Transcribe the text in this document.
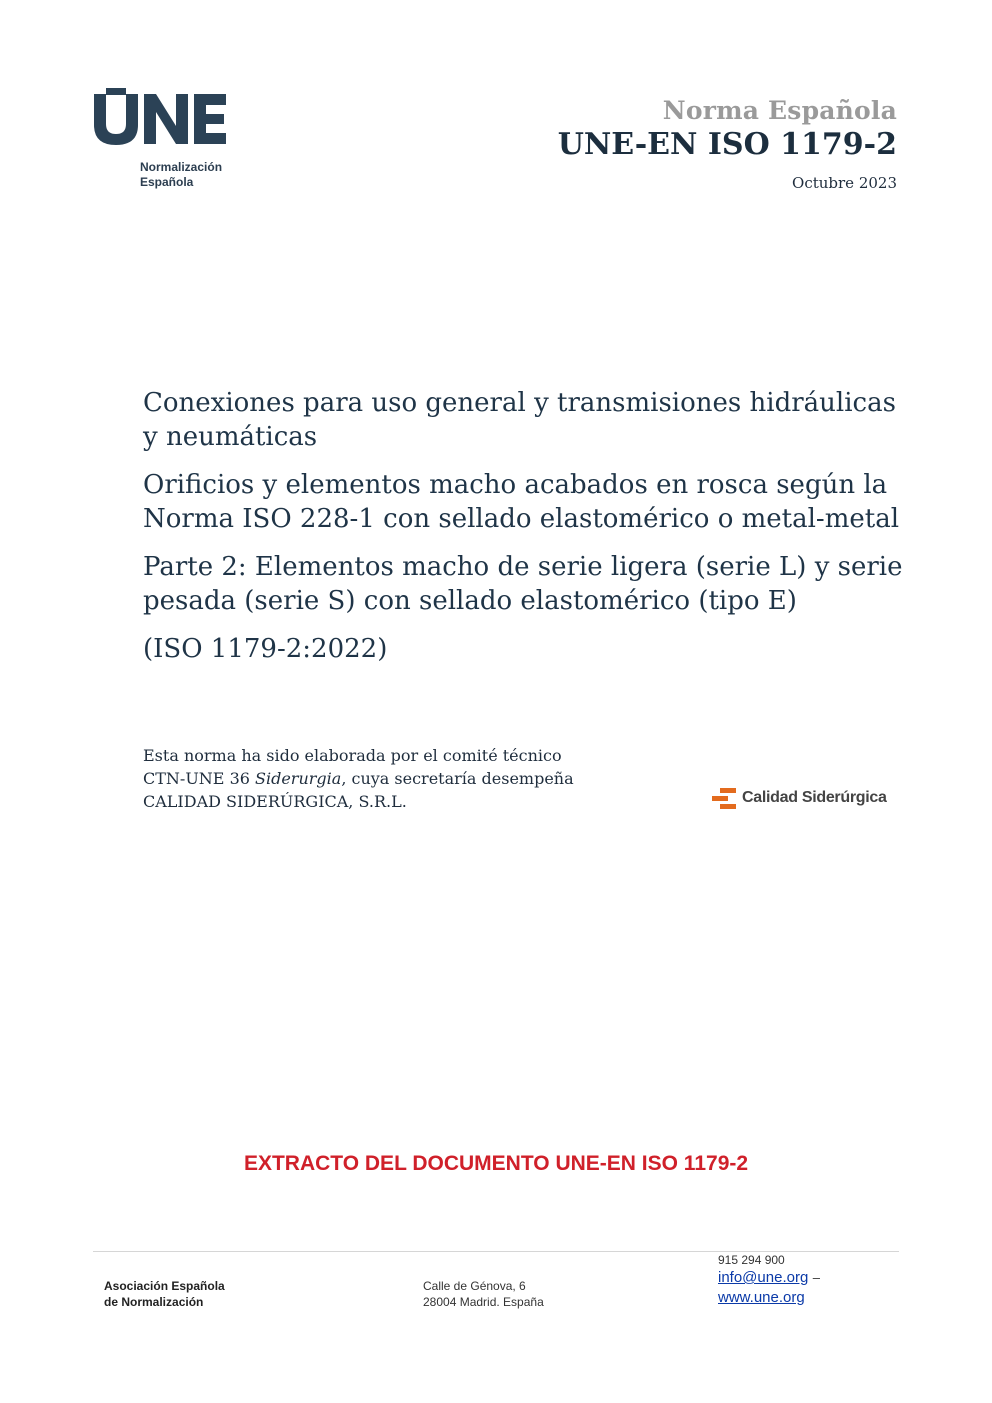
Normalización
Española
Norma Española
UNE-EN ISO 1179-2
Octubre 2023
Conexiones para uso general y transmisiones hidráulicas y neumáticas
Orificios y elementos macho acabados en rosca según la Norma ISO 228-1 con sellado elastomérico o metal-metal
Parte 2: Elementos macho de serie ligera (serie L) y serie pesada (serie S) con sellado elastomérico (tipo E)
(ISO 1179-2:2022)
Esta norma ha sido elaborada por el comité técnico
CTN-UNE 36 Siderurgia, cuya secretaría desempeña
CALIDAD SIDERÚRGICA, S.R.L.	Calidad Siderúrgica
EXTRACTO DEL DOCUMENTO UNE-EN ISO 1179-2
Asociación Española
de Normalización
Calle de Génova, 6
28004 Madrid. España
915 294 900
info@une.org –
www.une.org
